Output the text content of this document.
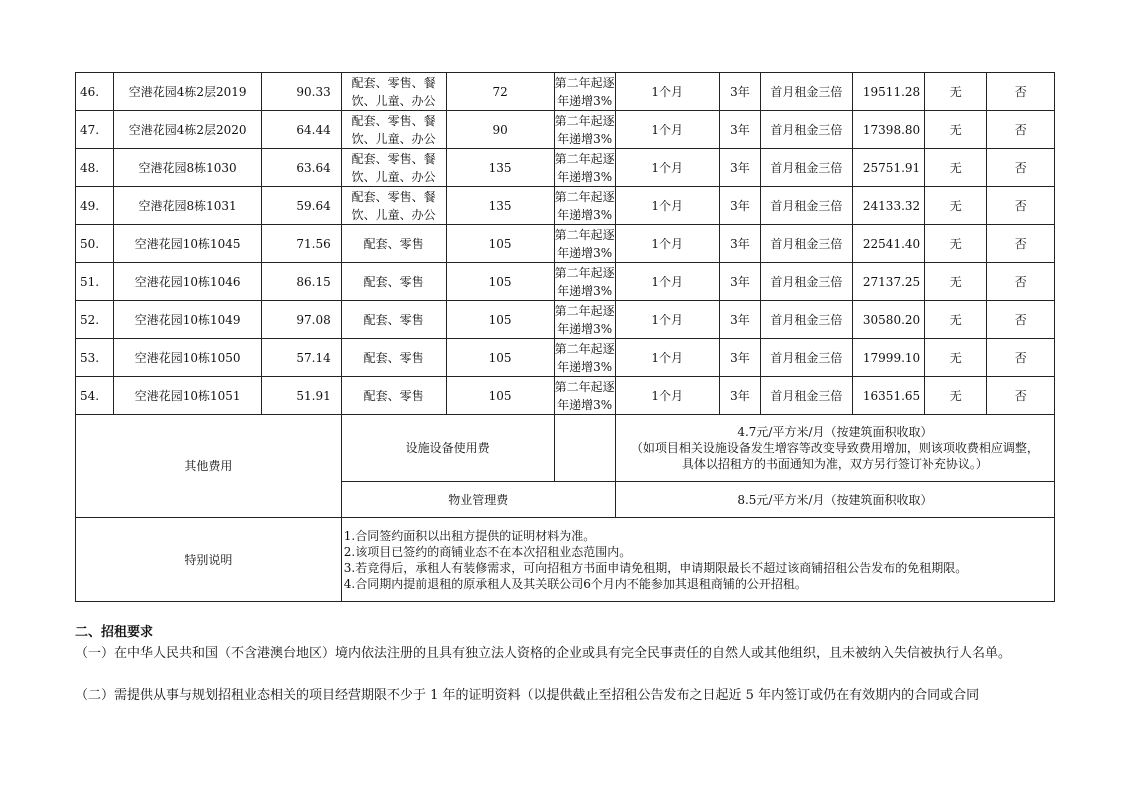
46.	空港花园4栋2层2019	90.33	配套、零售、餐饮、儿童、办公	72	第二年起逐年递增3%	1个月	3年	首月租金三倍	19511.28	无	否
47.	空港花园4栋2层2020	64.44	配套、零售、餐饮、儿童、办公	90	第二年起逐年递增3%	1个月	3年	首月租金三倍	17398.80	无	否
48.	空港花园8栋1030	63.64	配套、零售、餐饮、儿童、办公	135	第二年起逐年递增3%	1个月	3年	首月租金三倍	25751.91	无	否
49.	空港花园8栋1031	59.64	配套、零售、餐饮、儿童、办公	135	第二年起逐年递增3%	1个月	3年	首月租金三倍	24133.32	无	否
50.	空港花园10栋1045	71.56	配套、零售	105	第二年起逐年递增3%	1个月	3年	首月租金三倍	22541.40	无	否
51.	空港花园10栋1046	86.15	配套、零售	105	第二年起逐年递增3%	1个月	3年	首月租金三倍	27137.25	无	否
52.	空港花园10栋1049	97.08	配套、零售	105	第二年起逐年递增3%	1个月	3年	首月租金三倍	30580.20	无	否
53.	空港花园10栋1050	57.14	配套、零售	105	第二年起逐年递增3%	1个月	3年	首月租金三倍	17999.10	无	否
54.	空港花园10栋1051	51.91	配套、零售	105	第二年起逐年递增3%	1个月	3年	首月租金三倍	16351.65	无	否
其他费用			设施设备使用费			4.7元/平方米/月（按建筑面积收取）
（如项目相关设施设备发生增容等改变导致费用增加，则该项收费相应调整，
具体以招租方的书面通知为准，双方另行签订补充协议。）					

			物业管理费			8.5元/平方米/月（按建筑面积收取）					
特别说明			1.合同签约面积以出租方提供的证明材料为准。
2.该项目已签约的商铺业态不在本次招租业态范围内。
3.若竞得后，承租人有装修需求，可向招租方书面申请免租期，申请期限最长不超过该商铺招租公告发布的免租期限。
4.合同期内提前退租的原承租人及其关联公司6个月内不能参加其退租商铺的公开招租。								
二、招租要求
（一）在中华人民共和国（不含港澳台地区）境内依法注册的且具有独立法人资格的企业或具有完全民事责任的自然人或其他组织，且未被纳入失信被执行人名单。
（二）需提供从事与规划招租业态相关的项目经营期限不少于 1 年的证明资料（以提供截止至招租公告发布之日起近 5 年内签订或仍在有效期内的合同或合同
